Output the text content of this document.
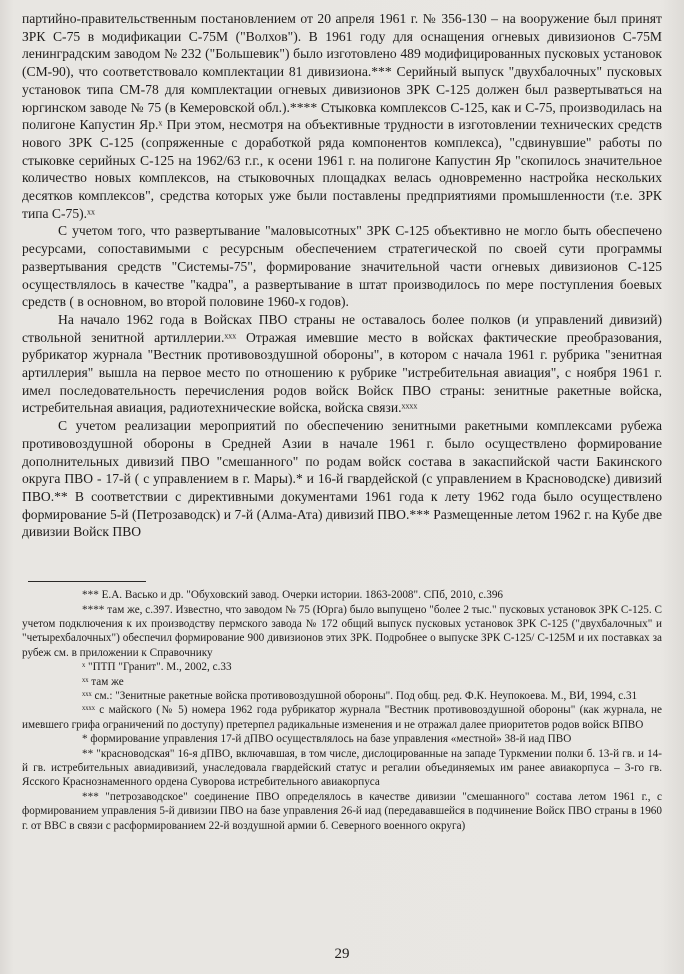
партийно-правительственным постановлением от 20 апреля 1961 г. № 356-130 – на вооружение был принят ЗРК С-75 в модификации С-75М ("Волхов"). В 1961 году для оснащения огневых дивизионов С-75М ленинградским заводом № 232 ("Большевик") было изготовлено 489 модифицированных пусковых установок (СМ-90), что соответствовало комплектации 81 дивизиона.*** Серийный выпуск "двухбалочных" пусковых установок типа СМ-78 для комплектации огневых дивизионов ЗРК С-125 должен был развертываться на юргинском заводе № 75 (в Кемеровской обл.).**** Стыковка комплексов С-125, как и С-75, производилась на полигоне Капустин Яр.ˣ При этом, несмотря на объективные трудности в изготовлении технических средств нового ЗРК С-125 (сопряженные с доработкой ряда компонентов комплекса), "сдвинувшие" работы по стыковке серийных С-125 на 1962/63 г.г., к осени 1961 г. на полигоне Капустин Яр "скопилось значительное количество новых комплексов, на стыковочных площадках велась одновременно настройка нескольких десятков комплексов", средства которых уже были поставлены предприятиями промышленности (т.е. ЗРК типа С-75).ˣˣ

С учетом того, что развертывание "маловысотных" ЗРК С-125 объективно не могло быть обеспечено ресурсами, сопоставимыми с ресурсным обеспечением стратегической по своей сути программы развертывания средств "Системы-75", формирование значительной части огневых дивизионов С-125 осуществлялось в качестве "кадра", а развертывание в штат производилось по мере поступления боевых средств ( в основном, во второй половине 1960-х годов).

На начало 1962 года в Войсках ПВО страны не оставалось более полков (и управлений дивизий) ствольной зенитной артиллерии.ˣˣˣ Отражая имевшие место в войсках фактические преобразования, рубрикатор журнала "Вестник противовоздушной обороны", в котором с начала 1961 г. рубрика "зенитная артиллерия" вышла на первое место по отношению к рубрике "истребительная авиация", с ноября 1961 г. имел последовательность перечисления родов войск Войск ПВО страны: зенитные ракетные войска, истребительная авиация, радиотехнические войска, войска связи.ˣˣˣˣ

С учетом реализации мероприятий по обеспечению зенитными ракетными комплексами рубежа противовоздушной обороны в Средней Азии в начале 1961 г. было осуществлено формирование дополнительных дивизий ПВО "смешанного" по родам войск состава в закаспийской части Бакинского округа ПВО - 17-й ( с управлением в г. Мары).* и 16-й гвардейской (с управлением в Красноводске) дивизий ПВО.** В соответствии с директивными документами 1961 года к лету 1962 года было осуществлено формирование 5-й (Петрозаводск) и 7-й (Алма-Ата) дивизий ПВО.*** Размещенные летом 1962 г. на Кубе две дивизии Войск ПВО

*** Е.А. Васько и др. "Обуховский завод. Очерки истории. 1863-2008". СПб, 2010, с.396

**** там же, с.397. Известно, что заводом № 75 (Юрга) было выпущено "более 2 тыс." пусковых установок ЗРК С-125. С учетом подключения к их производству пермского завода № 172 общий выпуск пусковых установок ЗРК С-125 ("двухбалочных" и "четырехбалочных") обеспечил формирование 900 дивизионов этих ЗРК. Подробнее о выпуске ЗРК С-125/ С-125М и их поставках за рубеж см. в приложении к Справочнику

ˣ "ПТП "Гранит". М., 2002, с.33

ˣˣ там же

ˣˣˣ см.: "Зенитные ракетные войска противовоздушной обороны". Под общ. ред. Ф.К. Неупокоева. М., ВИ, 1994, с.31

ˣˣˣˣ с майского (№ 5) номера 1962 года рубрикатор журнала "Вестник противовоздушной обороны" (как журнала, не имевшего грифа ограничений по доступу) претерпел радикальные изменения и не отражал далее приоритетов родов войск ВПВО

* формирование управления 17-й дПВО осуществлялось на базе управления «местной» 38-й иад ПВО

** "красноводская" 16-я дПВО, включавшая, в том числе, дислоцированные на западе Туркмении полки б. 13-й гв. и 14-й гв. истребительных авиадивизий, унаследовала гвардейский статус и регалии объединяемых им ранее авиакорпуса – 3-го гв. Ясского Краснознаменного ордена Суворова истребительного авиакорпуса

*** "петрозаводское" соединение ПВО определялось в качестве дивизии "смешанного" состава летом 1961 г., с формированием управления 5-й дивизии ПВО на базе управления 26-й иад (передававшейся в подчинение Войск ПВО страны в 1960 г. от ВВС в связи с расформированием 22-й воздушной армии б. Северного военного округа)

29
